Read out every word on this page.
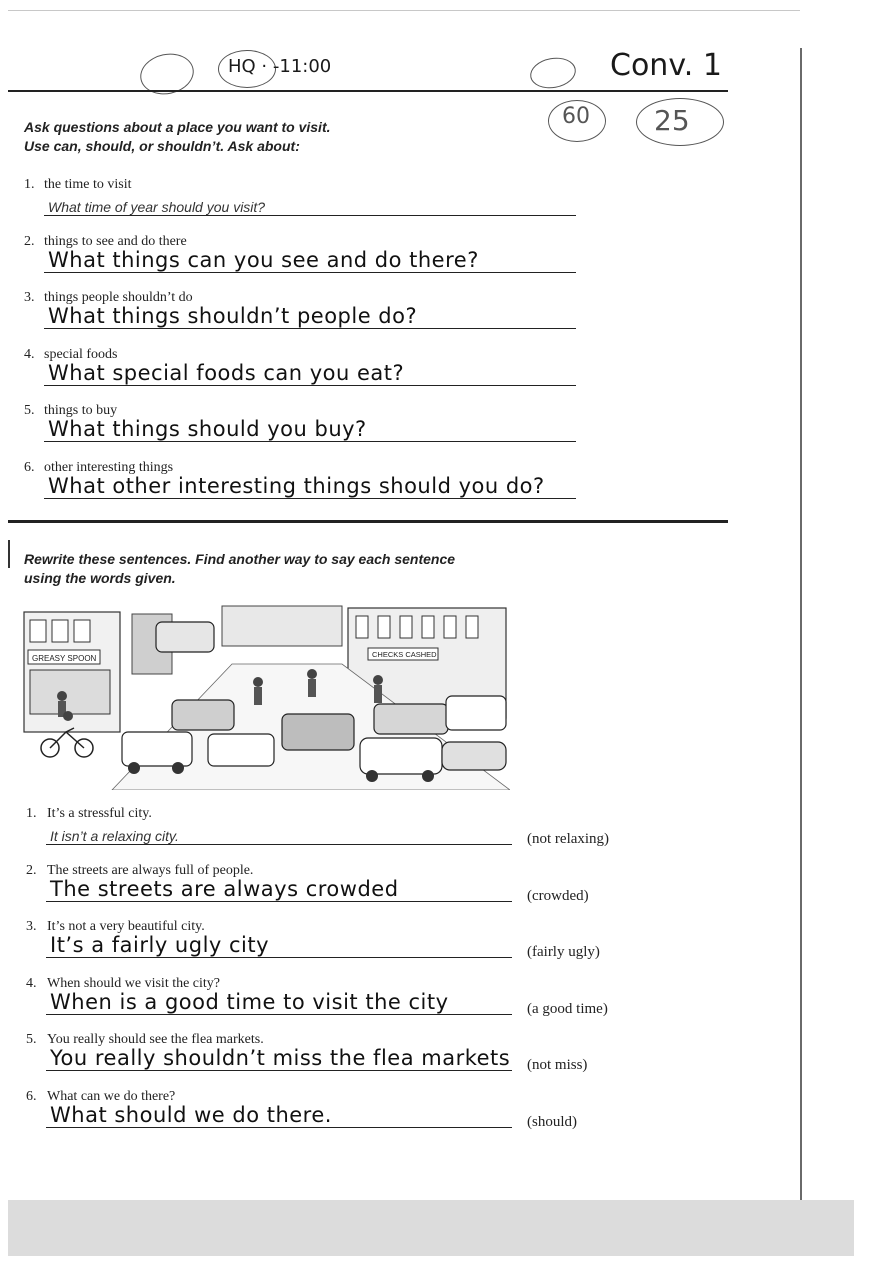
HQ · -11:00	Conv. 1
60 25
Ask questions about a place you want to visit.
Use can, should, or shouldn’t. Ask about:
1. the time to visit
What time of year should you visit?
2. things to see and do there
What things can you see and do there?
3. things people shouldn’t do
What things shouldn’t people do?
4. special foods
What special foods can you eat?
5. things to buy
What things should you buy?
6. other interesting things
What other interesting things should you do?
Rewrite these sentences. Find another way to say each sentence
using the words given.
GREASY SPOON	CHECKS CASHED
1. It’s a stressful city.
It isn’t a relaxing city.	(not relaxing)
2. The streets are always full of people.
The streets are always crowded	(crowded)
3. It’s not a very beautiful city.
It’s a fairly ugly city	(fairly ugly)
4. When should we visit the city?
When is a good time to visit the city	(a good time)
5. You really should see the flea markets.
You really shouldn’t miss the flea markets (not miss)
6. What can we do there?
What should we do there.	(should)
